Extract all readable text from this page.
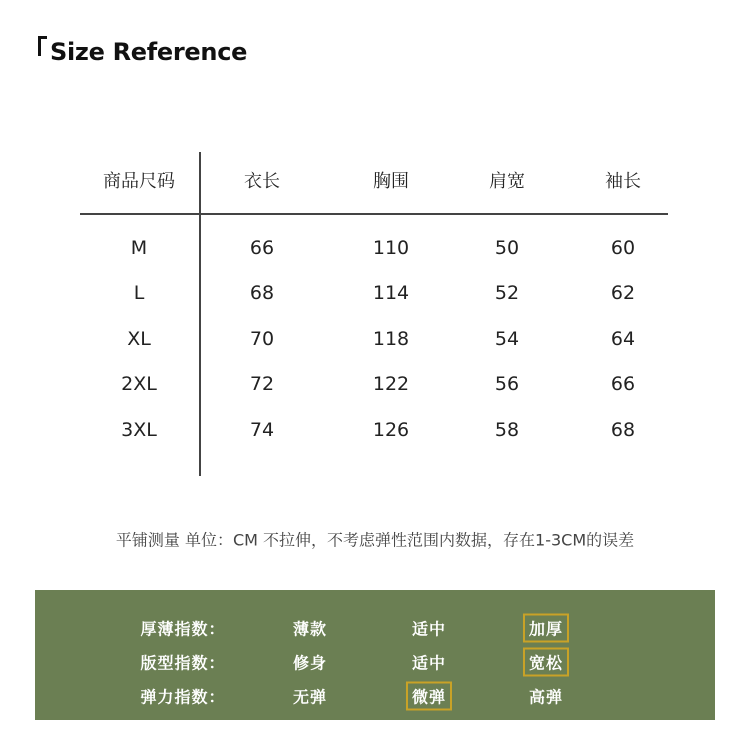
Size Reference
商品尺码	衣长	胸围	肩宽	袖长
M	66	110	50	60
L	68	114	52	62
XL	70	118	54	64
2XL	72	122	56	66
3XL	74	126	58	68
平铺测量 单位：CM 不拉伸，不考虑弹性范围内数据，存在1-3CM的误差
厚薄指数：	薄款	适中	加厚
版型指数：	修身	适中	宽松
弹力指数：	无弹	微弹	高弹
